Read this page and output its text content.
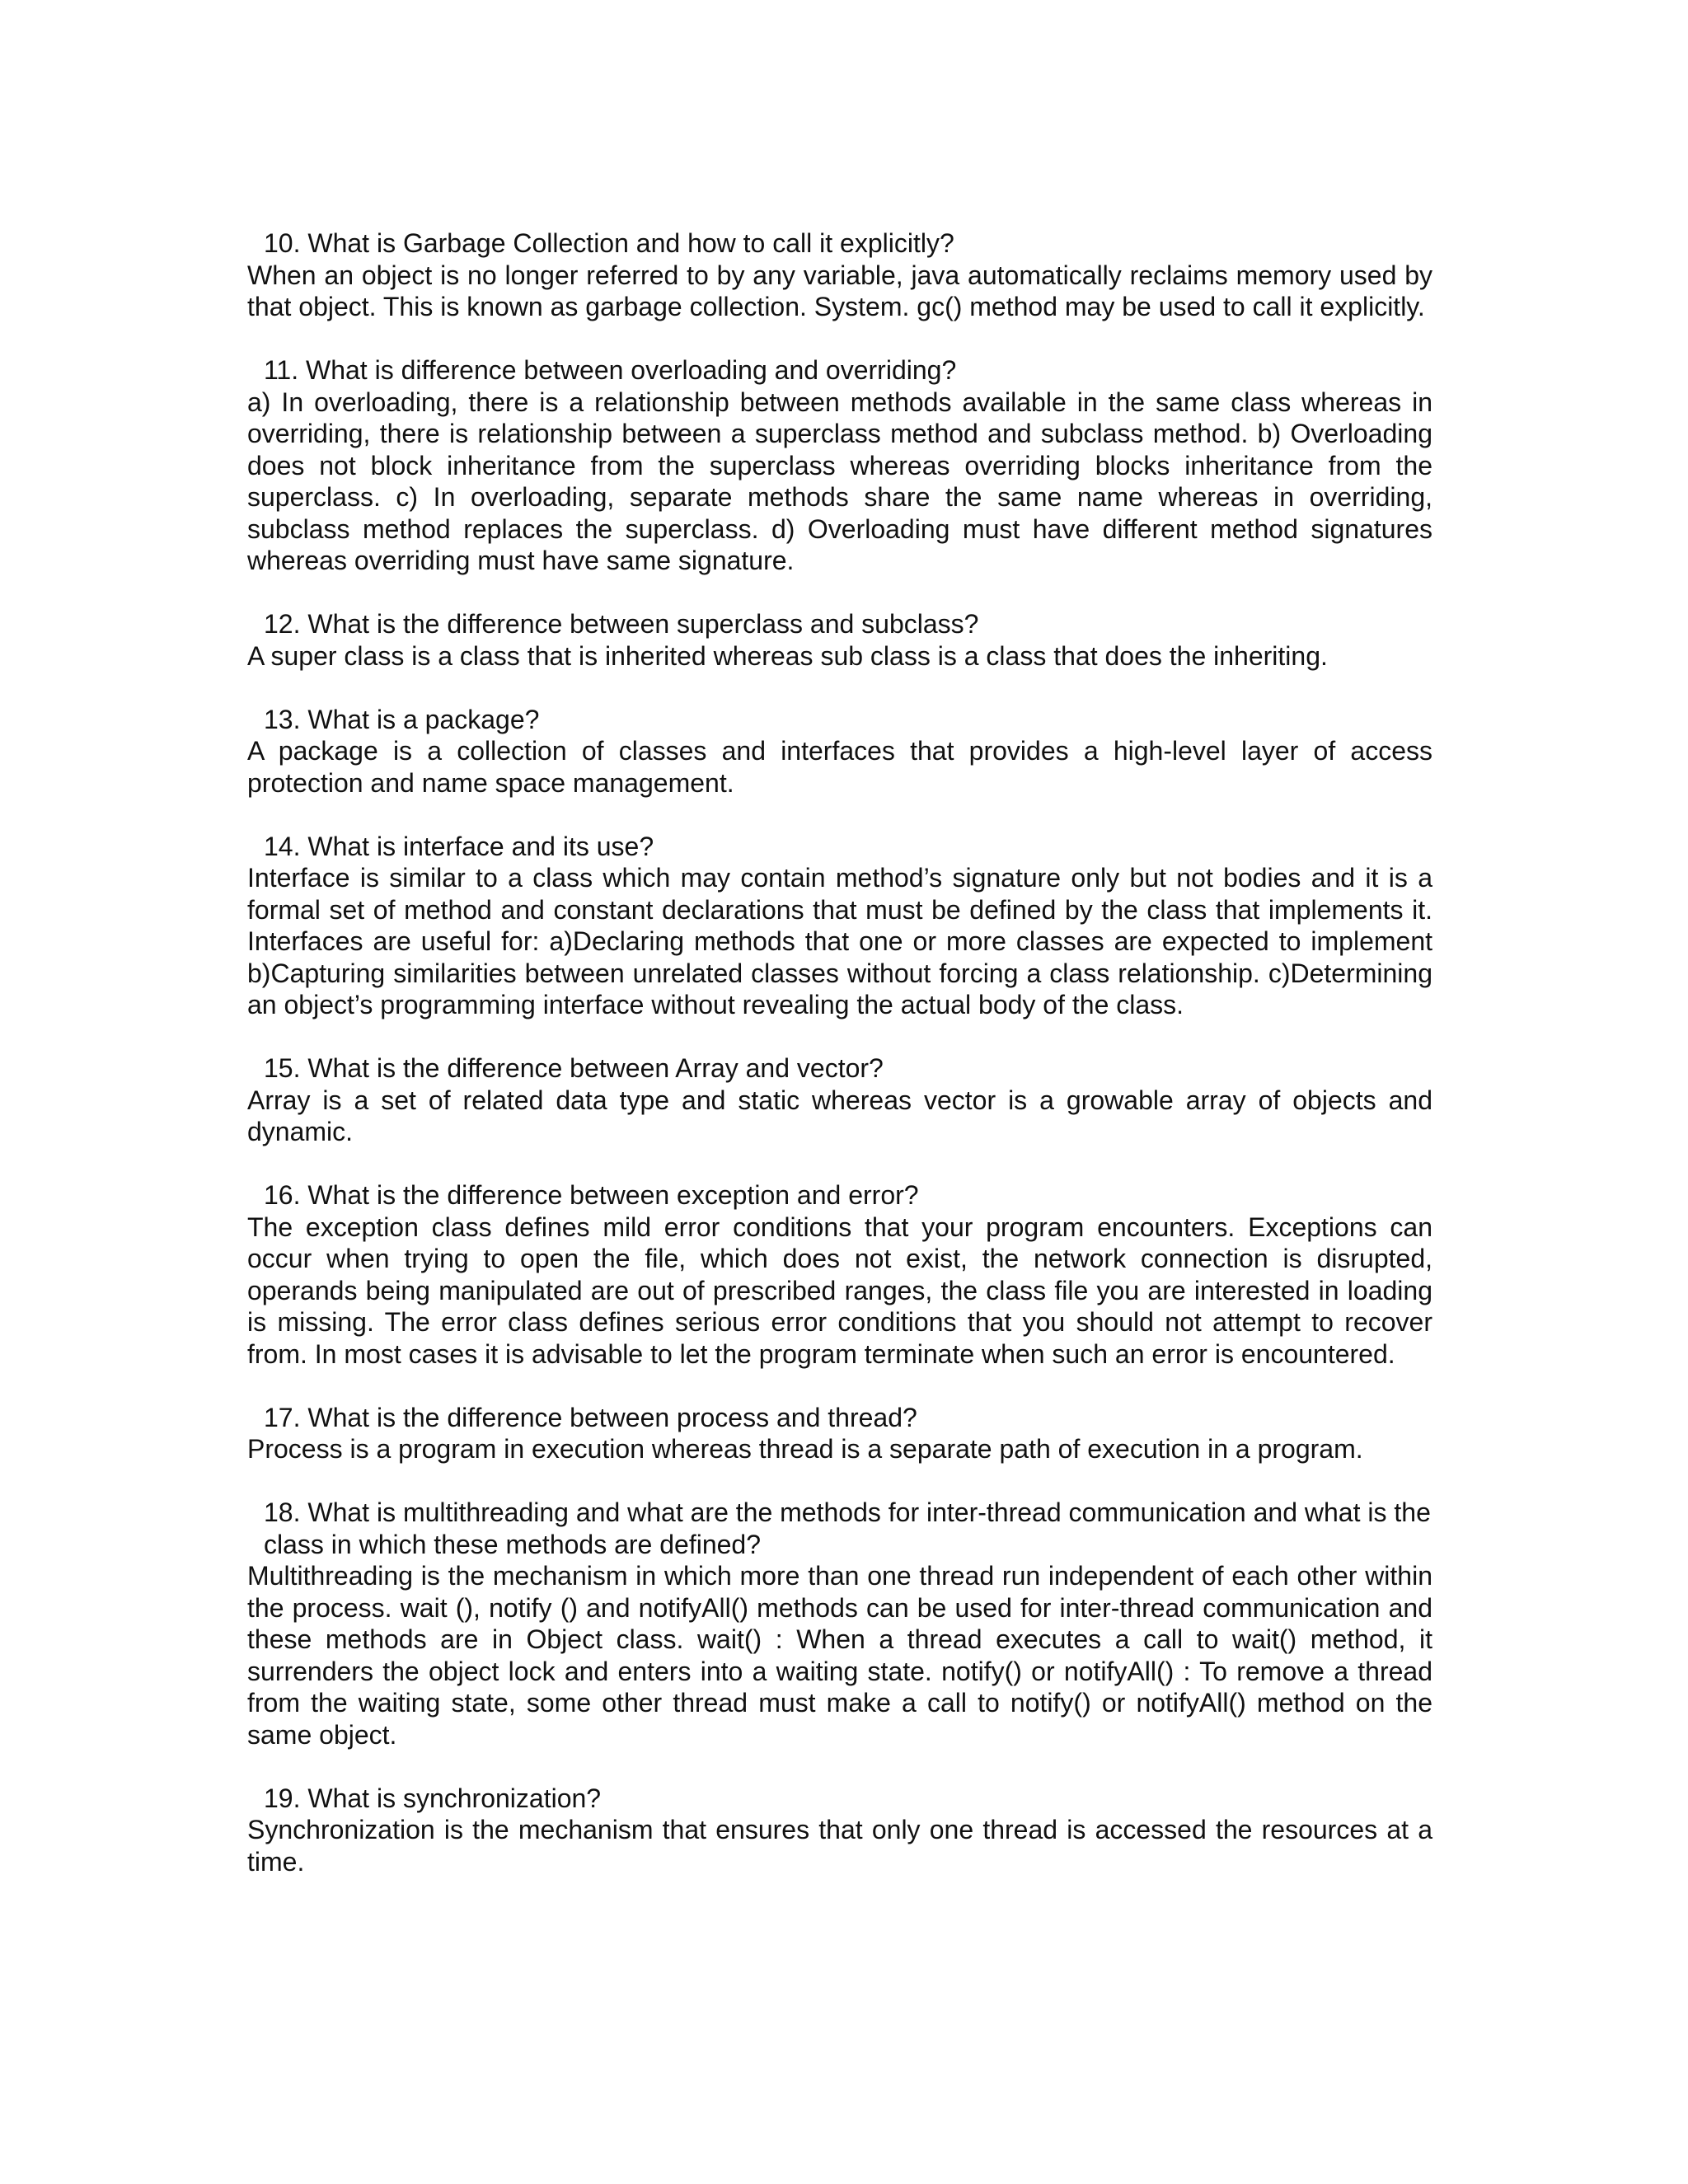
10. What is Garbage Collection and how to call it explicitly?

When an object is no longer referred to by any variable, java automatically reclaims memory used by that object. This is known as garbage collection. System. gc() method may be used to call it explicitly.

11. What is difference between overloading and overriding?

a) In overloading, there is a relationship between methods available in the same class whereas in overriding, there is relationship between a superclass method and subclass method. b) Overloading does not block inheritance from the superclass whereas overriding blocks inheritance from the superclass. c) In overloading, separate methods share the same name whereas in overriding, subclass method replaces the superclass. d) Overloading must have different method signatures whereas overriding must have same signature.

12. What is the difference between superclass and subclass?

A super class is a class that is inherited whereas sub class is a class that does the inheriting.

13. What is a package?

A package is a collection of classes and interfaces that provides a high-level layer of access protection and name space management.

14. What is interface and its use?

Interface is similar to a class which may contain method’s signature only but not bodies and it is a formal set of method and constant declarations that must be defined by the class that implements it. Interfaces are useful for: a)Declaring methods that one or more classes are expected to implement b)Capturing similarities between unrelated classes without forcing a class relationship. c)Determining an object’s programming interface without revealing the actual body of the class.

15. What is the difference between Array and vector?

Array is a set of related data type and static whereas vector is a growable array of objects and dynamic.

16. What is the difference between exception and error?

The exception class defines mild error conditions that your program encounters. Exceptions can occur when trying to open the file, which does not exist, the network connection is disrupted, operands being manipulated are out of prescribed ranges, the class file you are interested in loading is missing. The error class defines serious error conditions that you should not attempt to recover from. In most cases it is advisable to let the program terminate when such an error is encountered.

17. What is the difference between process and thread?

Process is a program in execution whereas thread is a separate path of execution in a program.

18. What is multithreading and what are the methods for inter-thread communication and what is the class in which these methods are defined?

Multithreading is the mechanism in which more than one thread run independent of each other within the process. wait (), notify () and notifyAll() methods can be used for inter-thread communication and these methods are in Object class. wait() : When a thread executes a call to wait() method, it surrenders the object lock and enters into a waiting state. notify() or notifyAll() : To remove a thread from the waiting state, some other thread must make a call to notify() or notifyAll() method on the same object.

19. What is synchronization?

Synchronization is the mechanism that ensures that only one thread is accessed the resources at a time.
